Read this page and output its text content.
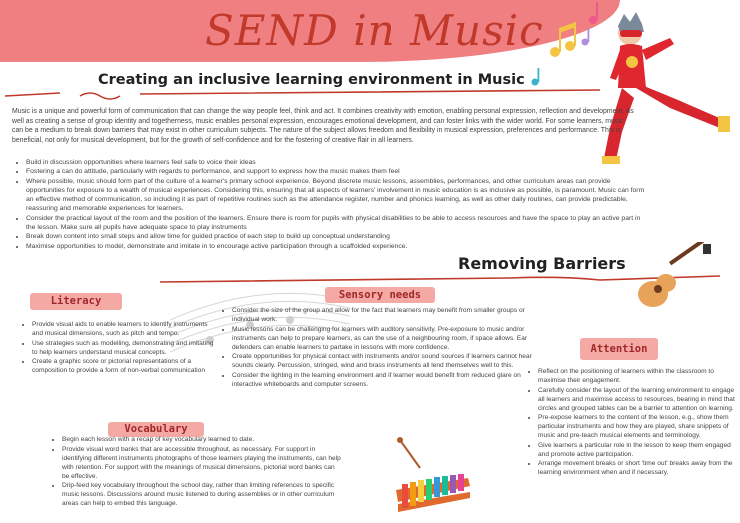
SEND in Music
Creating an inclusive learning environment in Music
Music is a unique and powerful form of communication that can change the way people feel, think and act. It combines creativity with emotion, enabling personal expression, reflection and development. As well as creating a sense of group identity and togetherness, music enables personal expression, encourages emotional development, and can foster links with the wider world. For some learners, music can be a medium to break down barriers that may exist in other curriculum subjects. The nature of the subject allows freedom and flexibility in musical expression, preferences and performance. This is beneficial, not only for musical development, but for the growth of self-confidence and for the fostering of creative flair in all learners.
• Build in discussion opportunities where learners feel safe to voice their ideas
• Fostering a can do attitude, particularly with regards to performance, and support to express how the music makes them feel
• Where possible, music should form part of the culture of a learner's primary school experience. Beyond discrete music lessons, assemblies, performances, and other curriculum areas can provide opportunities for exposure to a wealth of musical experiences. Considering this, ensuring that all aspects of learners' involvement in music education is as inclusive as possible, is paramount. Music can form an effective method of communication, so including it as part of repetitive routines such as the attendance register, number and phonics learning, as well as other daily routines, can provide predictable, reassuring and memorable experiences for learners.
• Consider the practical layout of the room and the position of the learners. Ensure there is room for pupils with physical disabilities to be able to access resources and have the space to play an active part in the lesson. Make sure all pupils have adequate space to play instruments
• Break down content into small steps and allow time for guided practice of each step to build up conceptual understanding
• Maximise opportunities to model, demonstrate and imitate in to encourage active participation through a scaffolded experience.
Removing Barriers
Literacy
• Provide visual aids to enable learners to identify instruments and musical dimensions, such as pitch and tempo.
• Use strategies such as modelling, demonstrating and imitating to help learners understand musical concepts.
• Create a graphic score or pictorial representations of a composition to provide a form of non-verbal communication
Sensory needs
• Consider the size of the group and allow for the fact that learners may benefit from smaller groups or individual work.
• Music lessons can be challenging for learners with auditory sensitivity. Pre-exposure to music and/or instruments can help to prepare learners, as can the use of a neighbouring room, if space allows. Ear defenders can enable learners to partake in lessons with more confidence.
• Create opportunities for physical contact with instruments and/or sound sources if learners cannot hear sounds clearly. Percussion, stringed, wind and brass instruments all lend themselves well to this.
• Consider the lighting in the learning environment and if learner would benefit from reduced glare on interactive whiteboards and computer screens.
Attention
• Reflect on the positioning of learners within the classroom to maximise their engagement.
• Carefully consider the layout of the learning environment to engage all learners and maximise access to resources, bearing in mind that circles and grouped tables can be a barrier to attention on learning.
• Pre-expose learners to the content of the lesson, e.g., show them particular instruments and how they are played, share snippets of music and pre-teach musical elements and terminology.
• Give learners a particular role in the lesson to keep them engaged and promote active participation.
• Arrange movement breaks or short 'time out' breaks away from the learning environment when and if necessary.
Vocabulary
• Begin each lesson with a recap of key vocabulary learned to date.
• Provide visual word banks that are accessible throughout, as necessary. For support in identifying different instruments photographs of those learners playing the instruments, can help with retention. For support with the meanings of musical dimensions, pictorial word banks can be effective.
• Drip-feed key vocabulary throughout the school day, rather than limiting references to specific music lessons. Discussions around music listened to during assemblies or in other curriculum areas can help to embed this language.
